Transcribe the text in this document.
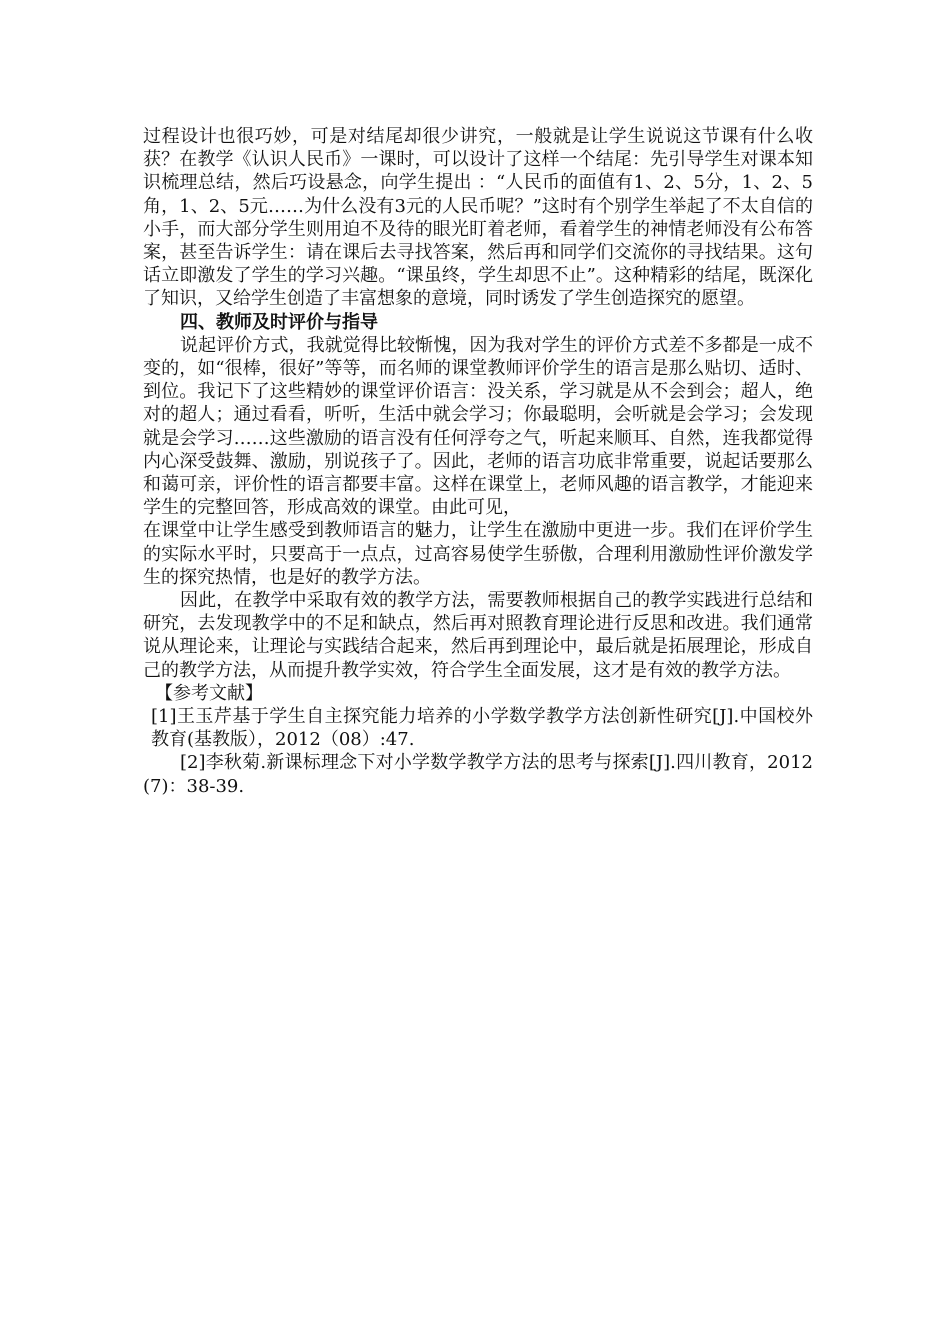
过程设计也很巧妙，可是对结尾却很少讲究，一般就是让学生说说这节课有什么收获？在教学《认识人民币》一课时，可以设计了这样一个结尾：先引导学生对课本知识梳理总结，然后巧设悬念，向学生提出 ：“人民币的面值有1、2、5分，1、2、5角，1、2、5元……为什么没有3元的人民币呢？”这时有个别学生举起了不太自信的小手，而大部分学生则用迫不及待的眼光盯着老师，看着学生的神情老师没有公布答案，甚至告诉学生：请在课后去寻找答案，然后再和同学们交流你的寻找结果。这句话立即激发了学生的学习兴趣。“课虽终，学生却思不止”。这种精彩的结尾，既深化了知识，又给学生创造了丰富想象的意境，同时诱发了学生创造探究的愿望。

四、教师及时评价与指导

说起评价方式，我就觉得比较惭愧，因为我对学生的评价方式差不多都是一成不变的，如“很棒，很好”等等，而名师的课堂教师评价学生的语言是那么贴切、适时、到位。我记下了这些精妙的课堂评价语言：没关系，学习就是从不会到会；超人，绝对的超人；通过看看，听听，生活中就会学习；你最聪明，会听就是会学习；会发现就是会学习……这些激励的语言没有任何浮夸之气，听起来顺耳、自然，连我都觉得内心深受鼓舞、激励，别说孩子了。因此，老师的语言功底非常重要，说起话要那么和蔼可亲，评价性的语言都要丰富。这样在课堂上，老师风趣的语言教学，才能迎来学生的完整回答，形成高效的课堂。由此可见，

在课堂中让学生感受到教师语言的魅力，让学生在激励中更进一步。我们在评价学生的实际水平时，只要高于一点点，过高容易使学生骄傲，合理利用激励性评价激发学生的探究热情，也是好的教学方法。

因此，在教学中采取有效的教学方法，需要教师根据自己的教学实践进行总结和研究，去发现教学中的不足和缺点，然后再对照教育理论进行反思和改进。我们通常说从理论来，让理论与实践结合起来，然后再到理论中，最后就是拓展理论，形成自己的教学方法，从而提升教学实效，符合学生全面发展，这才是有效的教学方法。

【参考文献】

[1]王玉芹基于学生自主探究能力培养的小学数学教学方法创新性研究[J].中国校外教育(基教版），2012（08）:47.

[2]李秋菊.新课标理念下对小学数学教学方法的思考与探索[J].四川教育，2012(7)：38-39.
